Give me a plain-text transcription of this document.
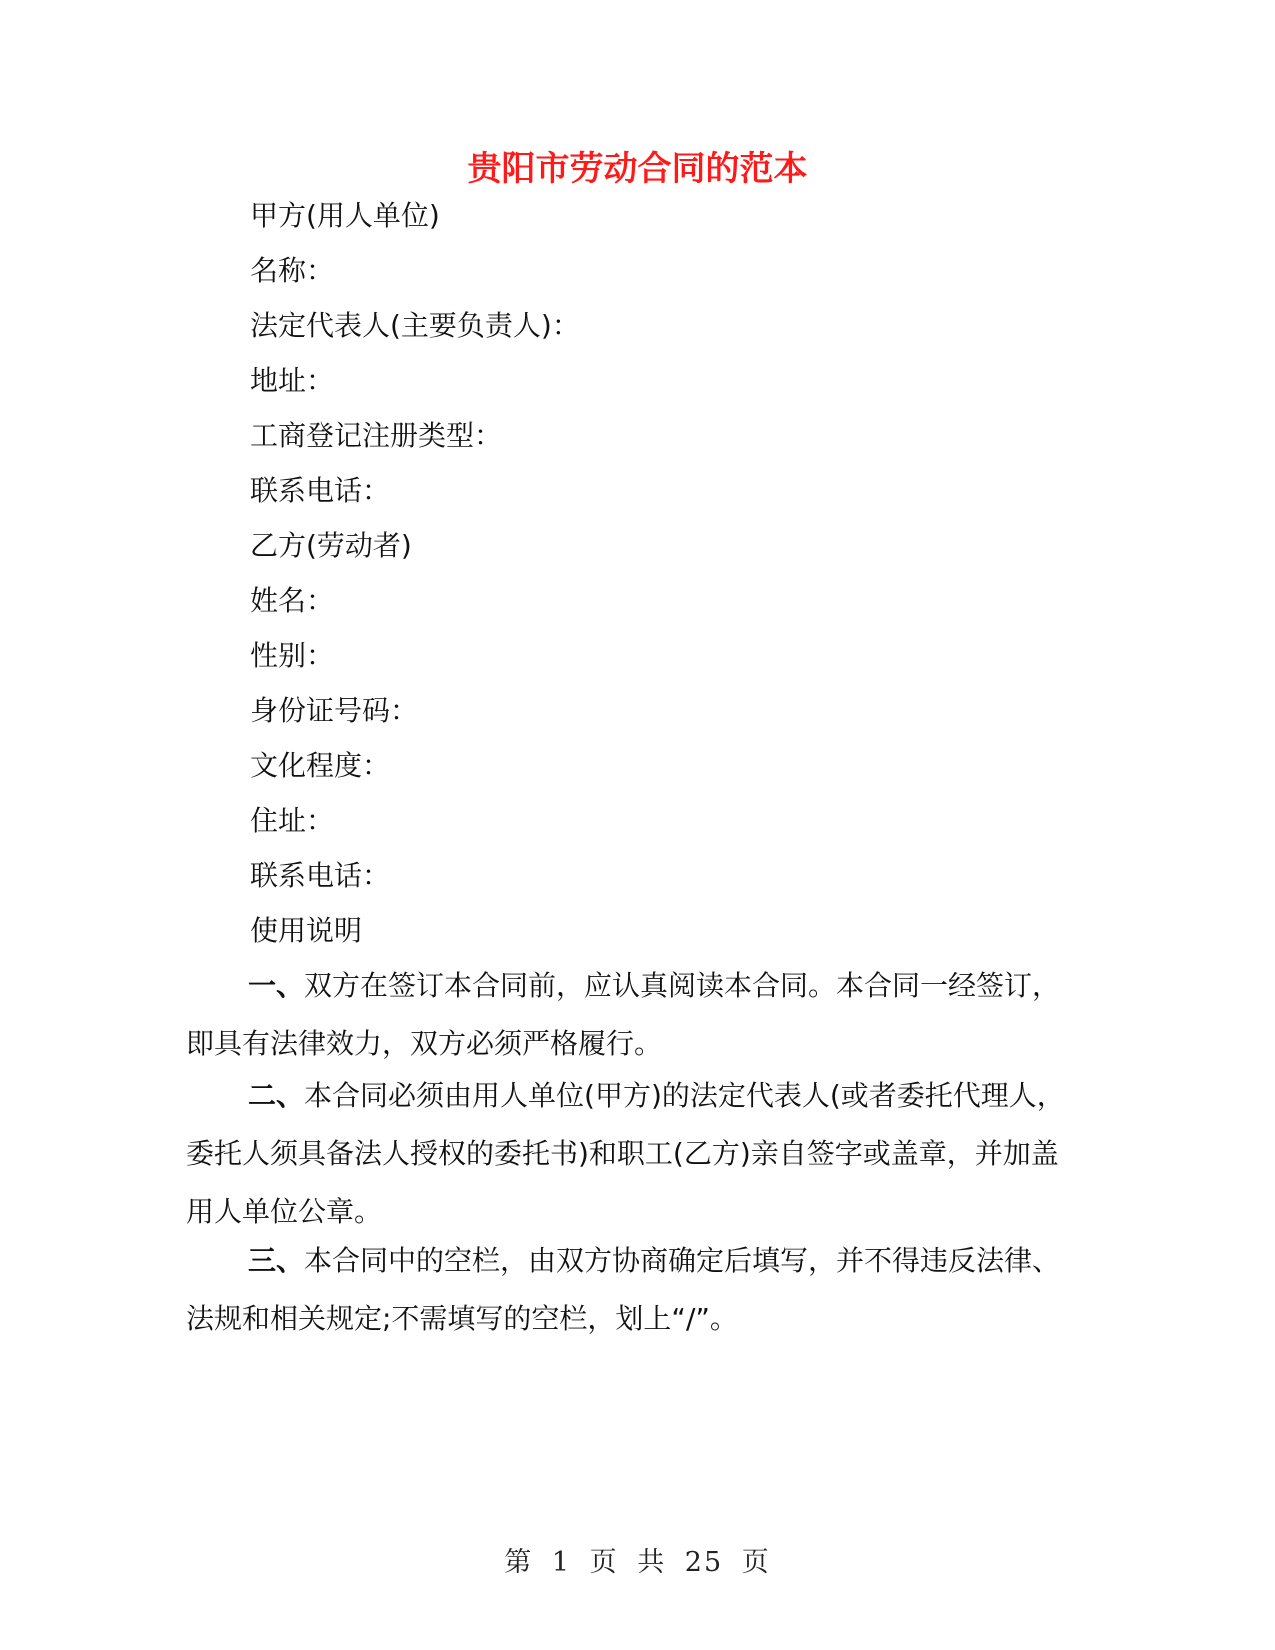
贵阳市劳动合同的范本
甲方(用人单位)
名称：
法定代表人(主要负责人)：
地址：
工商登记注册类型：
联系电话：
乙方(劳动者)
姓名：
性别：
身份证号码：
文化程度：
住址：
联系电话：
使用说明
一、双方在签订本合同前，应认真阅读本合同。本合同一经签订，即具有法律效力，双方必须严格履行。
二、本合同必须由用人单位(甲方)的法定代表人(或者委托代理人，委托人须具备法人授权的委托书)和职工(乙方)亲自签字或盖章，并加盖用人单位公章。
三、本合同中的空栏，由双方协商确定后填写，并不得违反法律、法规和相关规定;不需填写的空栏，划上“/”。
第 1 页 共 25 页
